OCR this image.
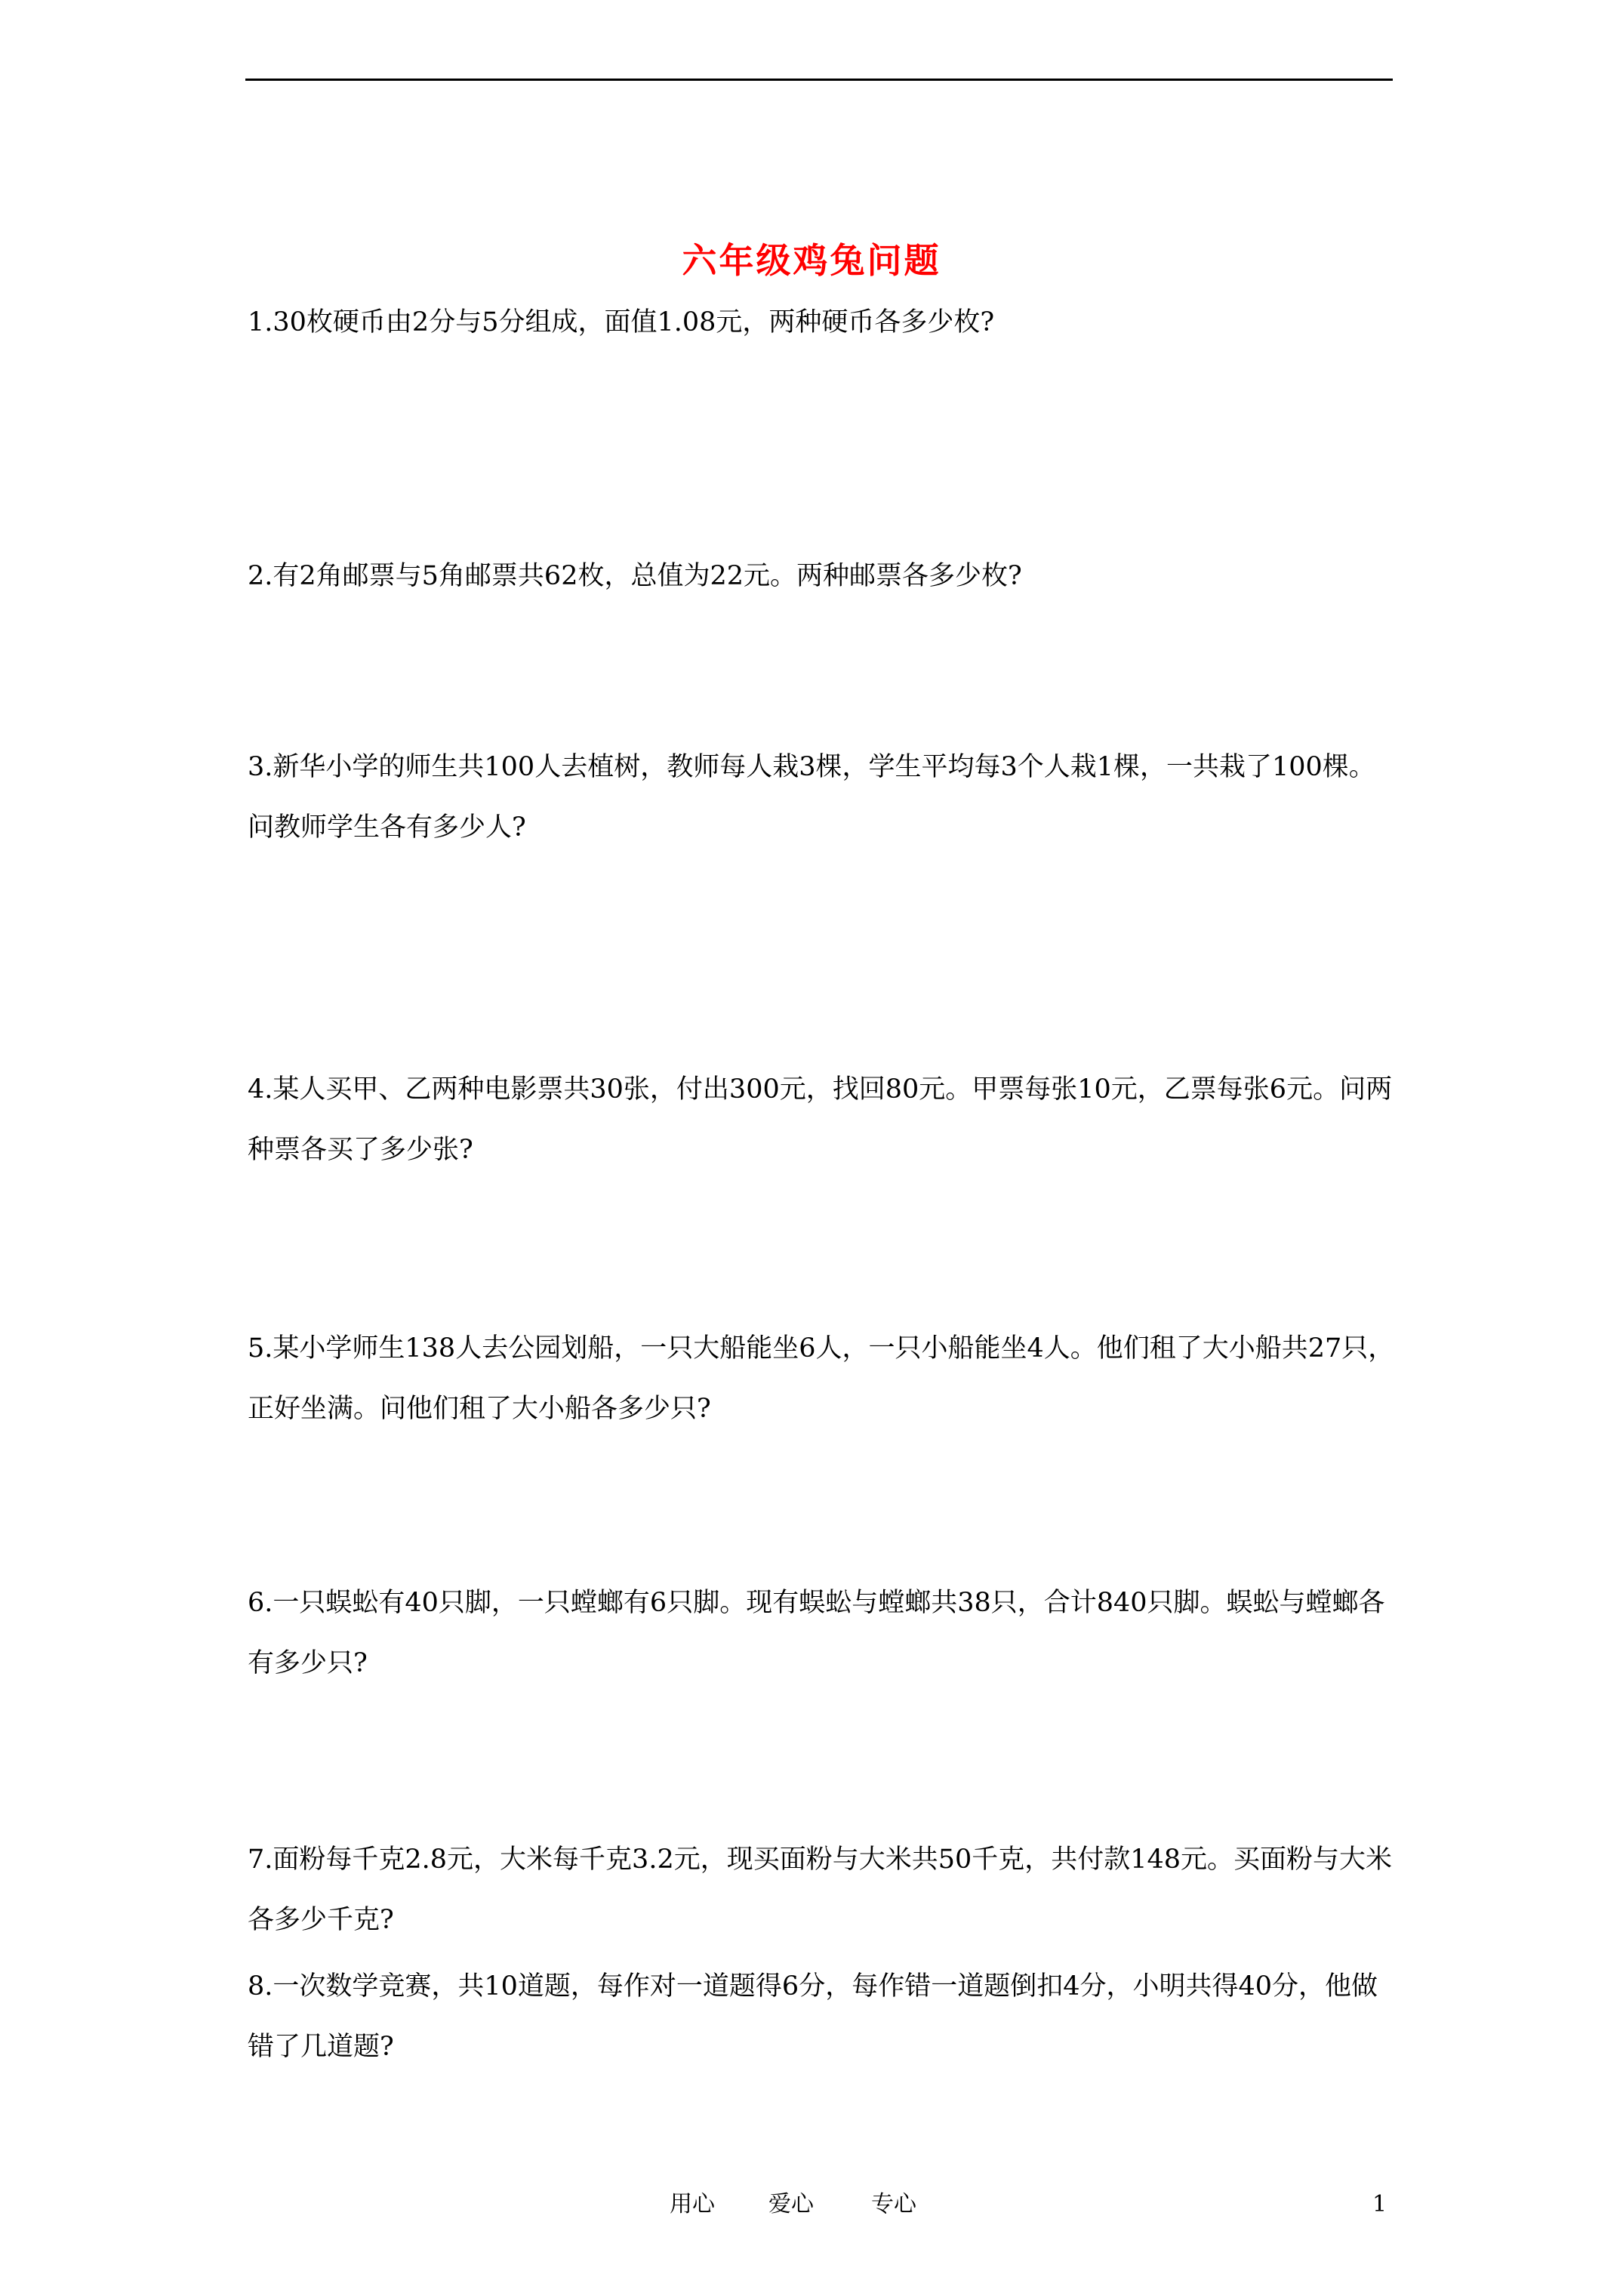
六年级鸡兔问题

1.30枚硬币由2分与5分组成，面值1.08元，两种硬币各多少枚?

2.有2角邮票与5角邮票共62枚，总值为22元。两种邮票各多少枚?

3.新华小学的师生共100人去植树，教师每人栽3棵，学生平均每3个人栽1棵，一共栽了100棵。问教师学生各有多少人?

4.某人买甲、乙两种电影票共30张，付出300元，找回80元。甲票每张10元，乙票每张6元。问两种票各买了多少张?

5.某小学师生138人去公园划船，一只大船能坐6人，一只小船能坐4人。他们租了大小船共27只，正好坐满。问他们租了大小船各多少只?

6.一只蜈蚣有40只脚，一只螳螂有6只脚。现有蜈蚣与螳螂共38只，合计840只脚。蜈蚣与螳螂各有多少只?

7.面粉每千克2.8元，大米每千克3.2元，现买面粉与大米共50千克，共付款148元。买面粉与大米各多少千克?

8.一次数学竞赛，共10道题，每作对一道题得6分，每作错一道题倒扣4分，小明共得40分，他做错了几道题?

用心 爱心	专心	1
